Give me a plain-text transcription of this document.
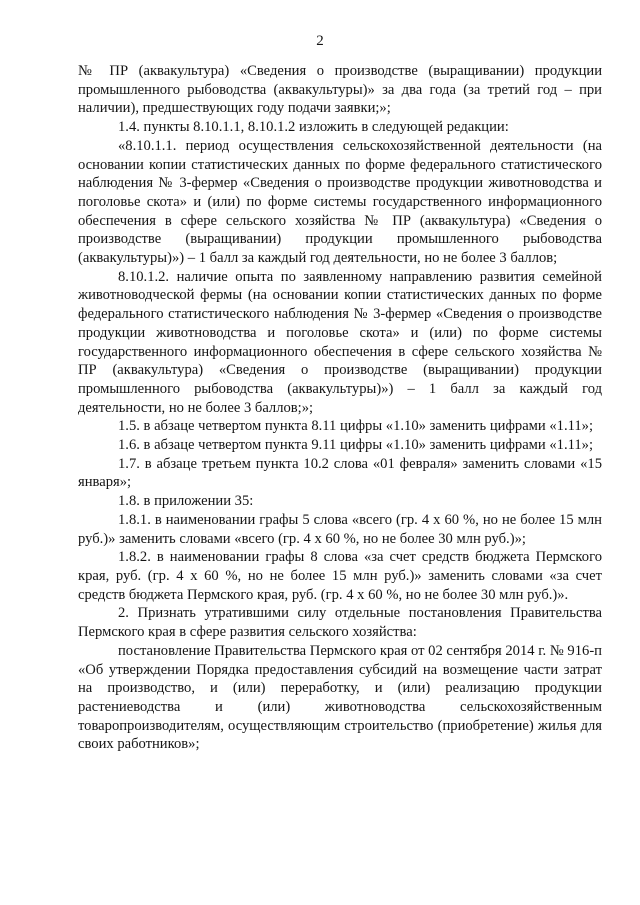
2

№ ПР (аквакультура) «Сведения о производстве (выращивании) продукции промышленного рыбоводства (аквакультуры)» за два года (за третий год – при наличии), предшествующих году подачи заявки;»;

1.4. пункты 8.10.1.1, 8.10.1.2 изложить в следующей редакции:

«8.10.1.1. период осуществления сельскохозяйственной деятельности (на основании копии статистических данных по форме федерального статистического наблюдения № 3-фермер «Сведения о производстве продукции животноводства и поголовье скота» и (или) по форме системы государственного информационного обеспечения в сфере сельского хозяйства № ПР (аквакультура) «Сведения о производстве (выращивании) продукции промышленного рыбоводства (аквакультуры)») – 1 балл за каждый год деятельности, но не более 3 баллов;

8.10.1.2. наличие опыта по заявленному направлению развития семейной животноводческой фермы (на основании копии статистических данных по форме федерального статистического наблюдения № 3-фермер «Сведения о производстве продукции животноводства и поголовье скота» и (или) по форме системы государственного информационного обеспечения в сфере сельского хозяйства № ПР (аквакультура) «Сведения о производстве (выращивании) продукции промышленного рыбоводства (аквакультуры)») – 1 балл за каждый год деятельности, но не более 3 баллов;»;

1.5. в абзаце четвертом пункта 8.11 цифры «1.10» заменить цифрами «1.11»;

1.6. в абзаце четвертом пункта 9.11 цифры «1.10» заменить цифрами «1.11»;

1.7. в абзаце третьем пункта 10.2 слова «01 февраля» заменить словами «15 января»;

1.8. в приложении 35:

1.8.1. в наименовании графы 5 слова «всего (гр. 4 х 60 %, но не более 15 млн руб.)» заменить словами «всего (гр. 4 х 60 %, но не более 30 млн руб.)»;

1.8.2. в наименовании графы 8 слова «за счет средств бюджета Пермского края, руб. (гр. 4 х 60 %, но не более 15 млн руб.)» заменить словами «за счет средств бюджета Пермского края, руб. (гр. 4 х 60 %, но не более 30 млн руб.)».

2. Признать утратившими силу отдельные постановления Правительства Пермского края в сфере развития сельского хозяйства:

постановление Правительства Пермского края от 02 сентября 2014 г. № 916-п «Об утверждении Порядка предоставления субсидий на возмещение части затрат на производство, и (или) переработку, и (или) реализацию продукции растениеводства и (или) животноводства сельскохозяйственным товаропроизводителям, осуществляющим строительство (приобретение) жилья для своих работников»;
